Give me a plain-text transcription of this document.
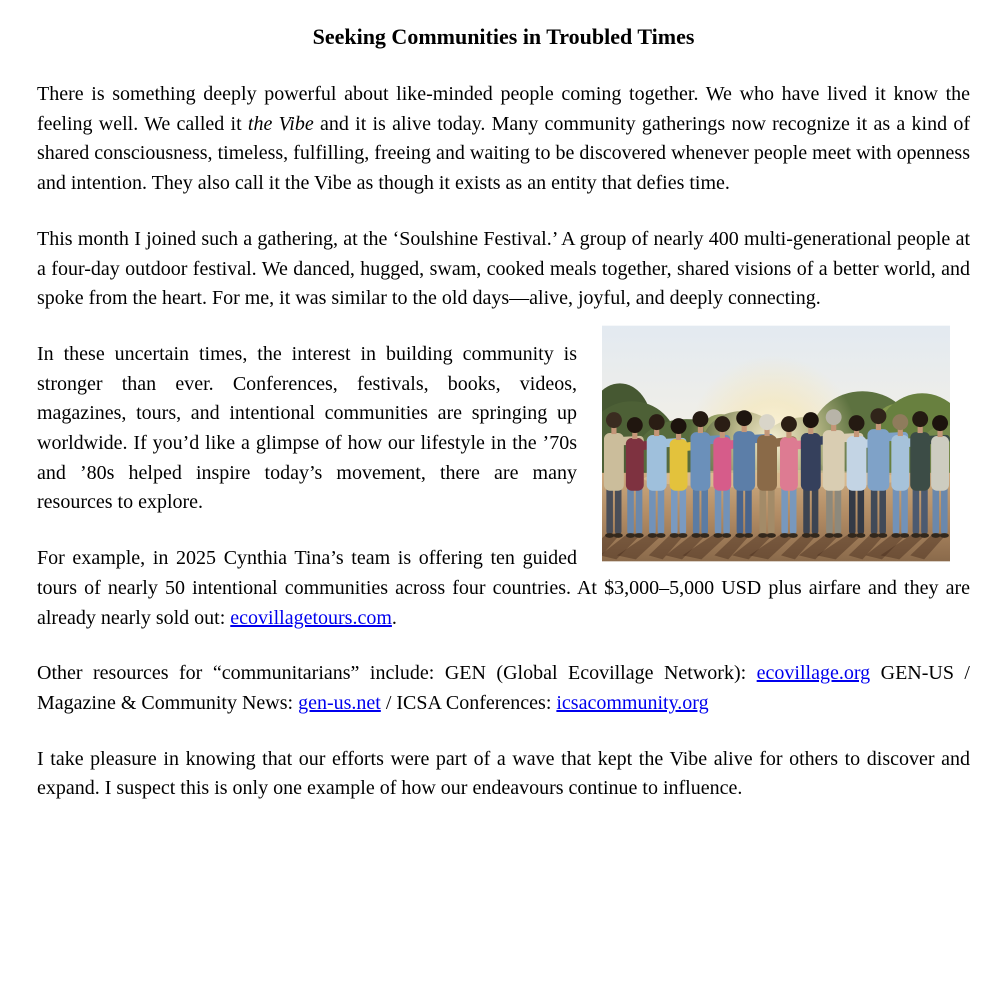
Seeking Communities in Troubled Times

There is something deeply powerful about like-minded people coming together. We who have lived it know the feeling well. We called it the Vibe and it is alive today. Many community gatherings now recognize it as a kind of shared consciousness, timeless, fulfilling, freeing and waiting to be discovered whenever people meet with openness and intention. They also call it the Vibe as though it exists as an entity that defies time.

This month I joined such a gathering, at the ‘Soulshine Festival.’ A group of nearly 400 multi-generational people at a four-day outdoor festival. We danced, hugged, swam, cooked meals together, shared visions of a better world, and spoke from the heart. For me, it was similar to the old days—alive, joyful, and deeply connecting.

In these uncertain times, the interest in building community is stronger than ever. Conferences, festivals, books, videos, magazines, tours, and intentional communities are springing up worldwide. If you’d like a glimpse of how our lifestyle in the ’70s and ’80s helped inspire today’s movement, there are many resources to explore.

For example, in 2025 Cynthia Tina’s team is offering ten guided tours of nearly 50 intentional communities across four countries. At $3,000–5,000 USD plus airfare and they are already nearly sold out: ecovillagetours.com.

Other resources for “communitarians” include: GEN (Global Ecovillage Network): ecovillage.org GEN-US / Magazine & Community News: gen-us.net / ICSA Conferences: icsacommunity.org

I take pleasure in knowing that our efforts were part of a wave that kept the Vibe alive for others to discover and expand. I suspect this is only one example of how our endeavours continue to influence.
